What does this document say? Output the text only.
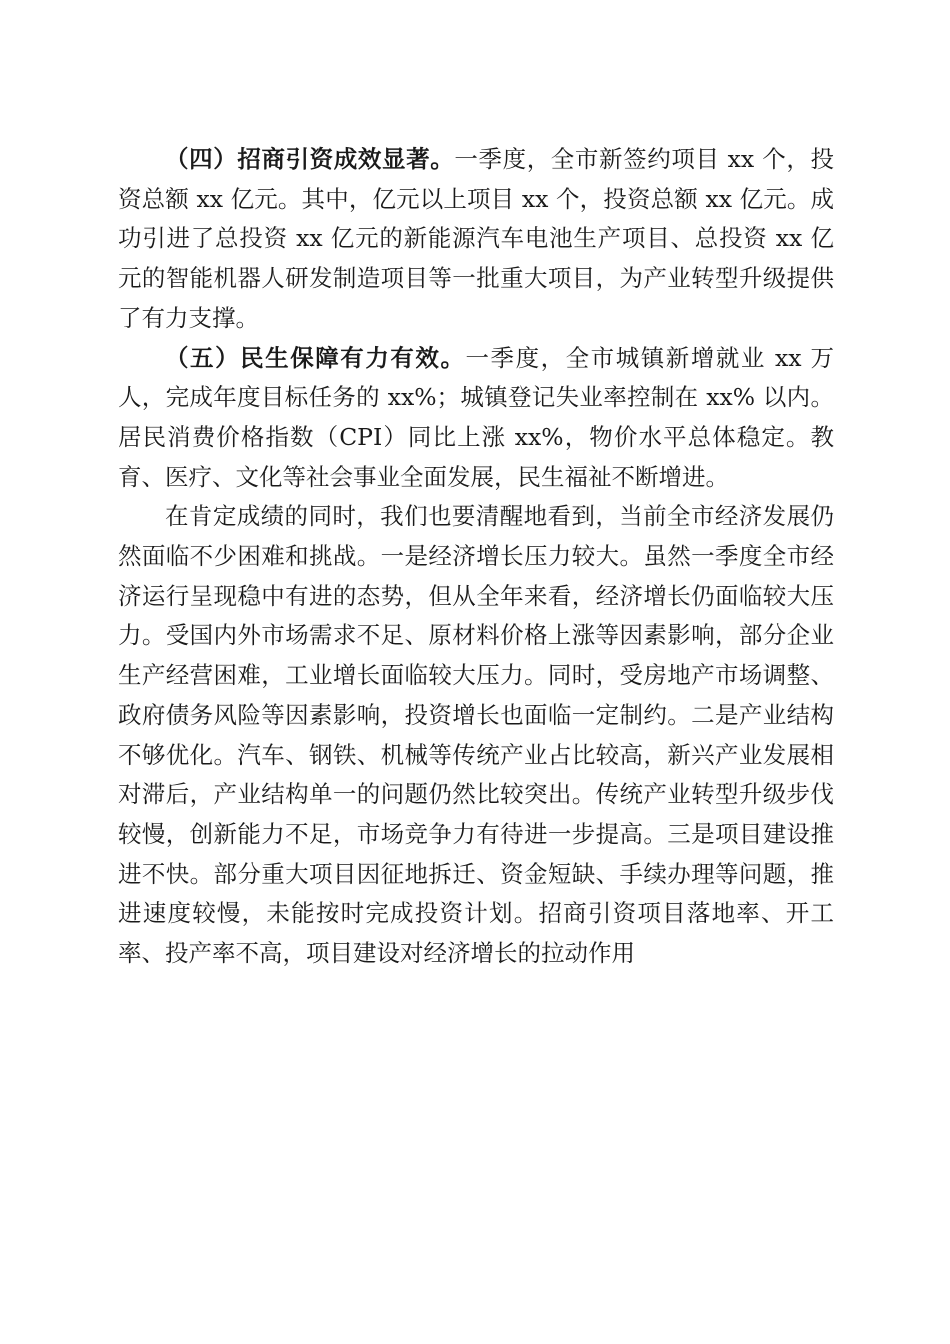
（四）招商引资成效显著。一季度，全市新签约项目 xx 个，投资总额 xx 亿元。其中，亿元以上项目 xx 个，投资总额 xx 亿元。成功引进了总投资 xx 亿元的新能源汽车电池生产项目、总投资 xx 亿元的智能机器人研发制造项目等一批重大项目，为产业转型升级提供了有力支撑。

（五）民生保障有力有效。一季度，全市城镇新增就业 xx 万人，完成年度目标任务的 xx%；城镇登记失业率控制在 xx% 以内。居民消费价格指数（CPI）同比上涨 xx%，物价水平总体稳定。教育、医疗、文化等社会事业全面发展，民生福祉不断增进。

在肯定成绩的同时，我们也要清醒地看到，当前全市经济发展仍然面临不少困难和挑战。一是经济增长压力较大。虽然一季度全市经济运行呈现稳中有进的态势，但从全年来看，经济增长仍面临较大压力。受国内外市场需求不足、原材料价格上涨等因素影响，部分企业生产经营困难，工业增长面临较大压力。同时，受房地产市场调整、政府债务风险等因素影响，投资增长也面临一定制约。二是产业结构不够优化。汽车、钢铁、机械等传统产业占比较高，新兴产业发展相对滞后，产业结构单一的问题仍然比较突出。传统产业转型升级步伐较慢，创新能力不足，市场竞争力有待进一步提高。三是项目建设推进不快。部分重大项目因征地拆迁、资金短缺、手续办理等问题，推进速度较慢，未能按时完成投资计划。招商引资项目落地率、开工率、投产率不高，项目建设对经济增长的拉动作用
